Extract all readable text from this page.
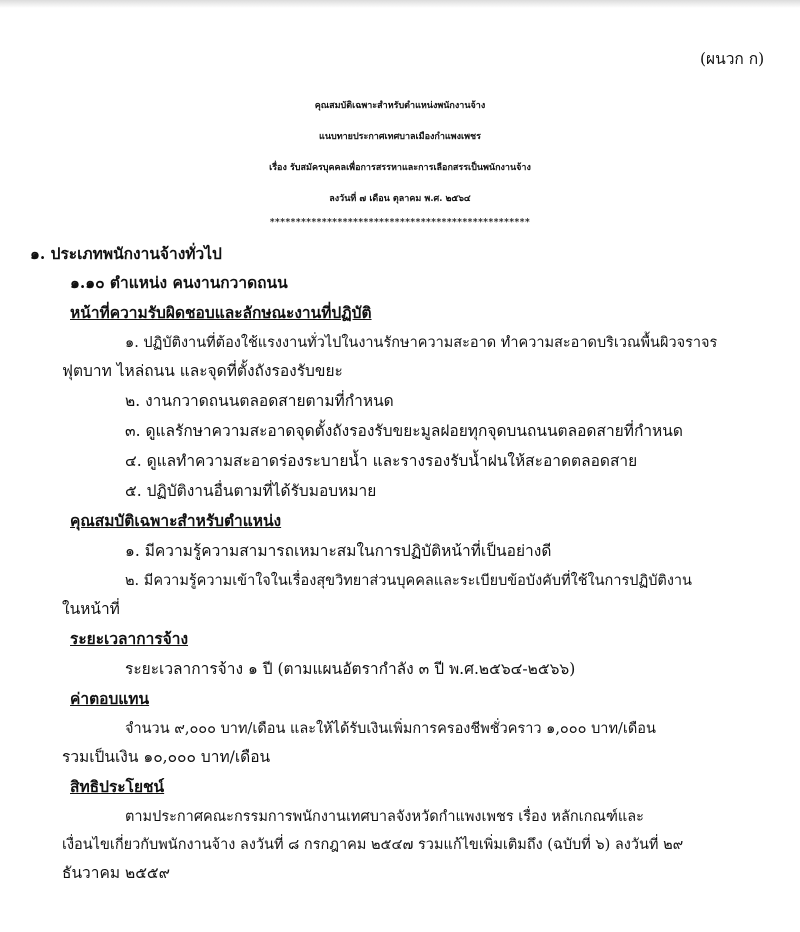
(ผนวก ก)
คุณสมบัติเฉพาะสำหรับตำแหน่งพนักงานจ้าง
แนบทายประกาศเทศบาลเมืองกำแพงเพชร
เรื่อง รับสมัครบุคคลเพื่อการสรรหาและการเลือกสรรเป็นพนักงานจ้าง
ลงวันที่ ๗ เดือน ตุลาคม พ.ศ. ๒๕๖๔
**************************************************
๑. ประเภทพนักงานจ้างทั่วไป
๑.๑๐ ตำแหน่ง คนงานกวาดถนน
หน้าที่ความรับผิดชอบและลักษณะงานที่ปฏิบัติ
๑. ปฏิบัติงานที่ต้องใช้แรงงานทั่วไปในงานรักษาความสะอาด ทำความสะอาดบริเวณพื้นผิวจราจร
ฟุตบาท ไหล่ถนน และจุดที่ตั้งถังรองรับขยะ
๒. งานกวาดถนนตลอดสายตามที่กำหนด
๓. ดูแลรักษาความสะอาดจุดตั้งถังรองรับขยะมูลฝอยทุกจุดบนถนนตลอดสายที่กำหนด
๔. ดูแลทำความสะอาดร่องระบายน้ำ และรางรองรับน้ำฝนให้สะอาดตลอดสาย
๕. ปฏิบัติงานอื่นตามที่ได้รับมอบหมาย
คุณสมบัติเฉพาะสำหรับตำแหน่ง
๑. มีความรู้ความสามารถเหมาะสมในการปฏิบัติหน้าที่เป็นอย่างดี
๒. มีความรู้ความเข้าใจในเรื่องสุขวิทยาส่วนบุคคลและระเบียบข้อบังคับที่ใช้ในการปฏิบัติงาน
ในหน้าที่
ระยะเวลาการจ้าง
ระยะเวลาการจ้าง ๑ ปี (ตามแผนอัตรากำลัง ๓ ปี พ.ศ.๒๕๖๔-๒๕๖๖)
ค่าตอบแทน
จำนวน ๙,๐๐๐ บาท/เดือน และให้ได้รับเงินเพิ่มการครองชีพชั่วคราว ๑,๐๐๐ บาท/เดือน
รวมเป็นเงิน ๑๐,๐๐๐ บาท/เดือน
สิทธิประโยชน์
ตามประกาศคณะกรรมการพนักงานเทศบาลจังหวัดกำแพงเพชร เรื่อง หลักเกณฑ์และ
เงื่อนไขเกี่ยวกับพนักงานจ้าง ลงวันที่ ๘ กรกฎาคม ๒๕๔๗ รวมแก้ไขเพิ่มเติมถึง (ฉบับที่ ๖) ลงวันที่ ๒๙
ธันวาคม ๒๕๕๙
